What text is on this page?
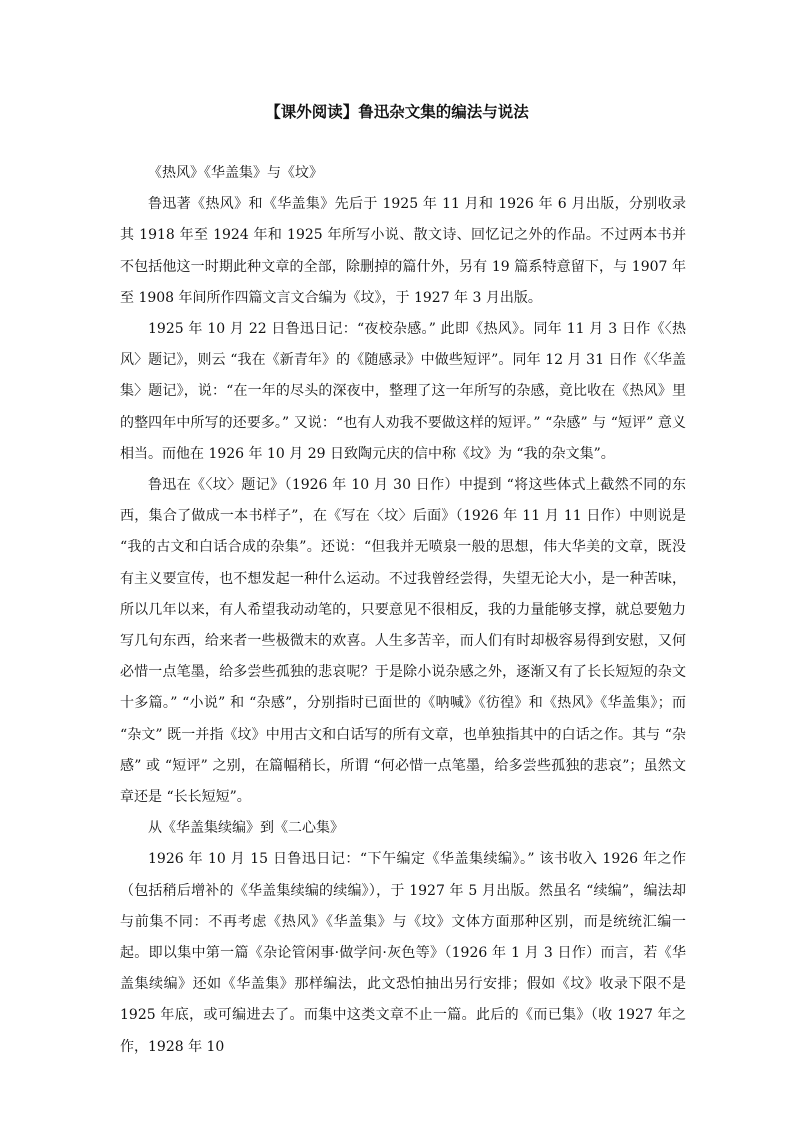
【课外阅读】鲁迅杂文集的编法与说法

《热风》《华盖集》与《坟》

鲁迅著《热风》和《华盖集》先后于 1925 年 11 月和 1926 年 6 月出版，分别收录其 1918 年至 1924 年和 1925 年所写小说、散文诗、回忆记之外的作品。不过两本书并不包括他这一时期此种文章的全部，除删掉的篇什外，另有 19 篇系特意留下，与 1907 年至 1908 年间所作四篇文言文合编为《坟》，于 1927 年 3 月出版。

1925 年 10 月 22 日鲁迅日记：“夜校杂感。” 此即《热风》。同年 11 月 3 日作《〈热风〉题记》，则云 “我在《新青年》的《随感录》中做些短评”。同年 12 月 31 日作《〈华盖集〉题记》，说：“在一年的尽头的深夜中，整理了这一年所写的杂感，竟比收在《热风》里的整四年中所写的还要多。” 又说：“也有人劝我不要做这样的短评。” “杂感” 与 “短评” 意义相当。而他在 1926 年 10 月 29 日致陶元庆的信中称《坟》为 “我的杂文集”。

鲁迅在《〈坟〉题记》（1926 年 10 月 30 日作）中提到 “将这些体式上截然不同的东西，集合了做成一本书样子”，在《写在〈坟〉后面》（1926 年 11 月 11 日作）中则说是 “我的古文和白话合成的杂集”。还说：“但我并无喷泉一般的思想，伟大华美的文章，既没有主义要宣传，也不想发起一种什么运动。不过我曾经尝得，失望无论大小，是一种苦味，所以几年以来，有人希望我动动笔的，只要意见不很相反，我的力量能够支撑，就总要勉力写几句东西，给来者一些极微末的欢喜。人生多苦辛，而人们有时却极容易得到安慰，又何必惜一点笔墨，给多尝些孤独的悲哀呢？于是除小说杂感之外，逐渐又有了长长短短的杂文十多篇。” “小说” 和 “杂感”，分别指时已面世的《呐喊》《彷徨》和《热风》《华盖集》；而 “杂文” 既一并指《坟》中用古文和白话写的所有文章，也单独指其中的白话之作。其与 “杂感” 或 “短评” 之别，在篇幅稍长，所谓 “何必惜一点笔墨，给多尝些孤独的悲哀”；虽然文章还是 “长长短短”。

从《华盖集续编》到《二心集》

1926 年 10 月 15 日鲁迅日记：“下午编定《华盖集续编》。” 该书收入 1926 年之作（包括稍后增补的《华盖集续编的续编》），于 1927 年 5 月出版。然虽名 “续编”，编法却与前集不同：不再考虑《热风》《华盖集》与《坟》文体方面那种区别，而是统统汇编一起。即以集中第一篇《杂论管闲事·做学问·灰色等》（1926 年 1 月 3 日作）而言，若《华盖集续编》还如《华盖集》那样编法，此文恐怕抽出另行安排；假如《坟》收录下限不是 1925 年底，或可编进去了。而集中这类文章不止一篇。此后的《而已集》（收 1927 年之作，1928 年 10
